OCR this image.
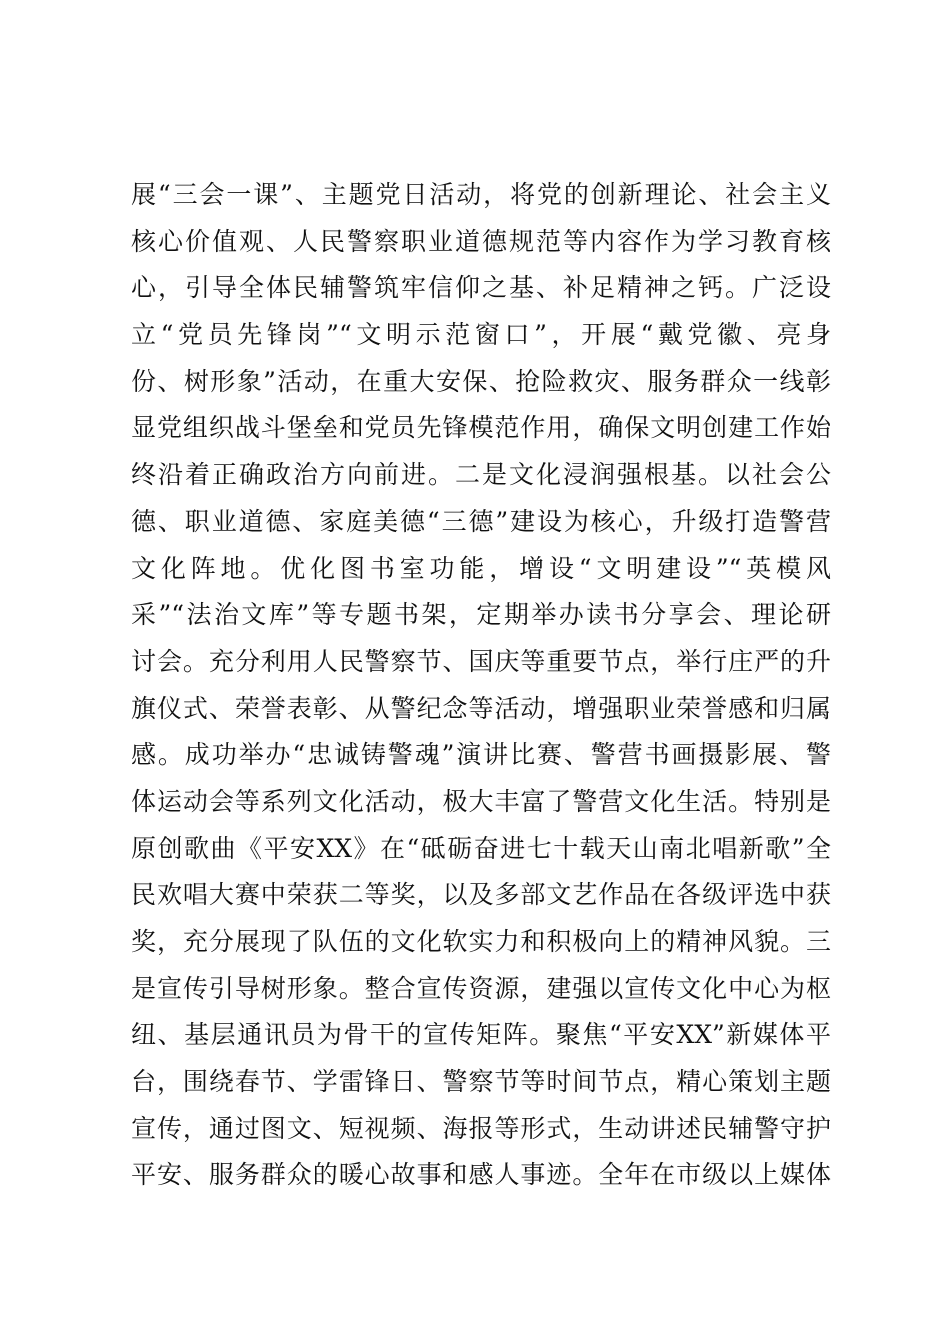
展“三会一课”、主题党日活动，将党的创新理论、社会主义
核心价值观、人民警察职业道德规范等内容作为学习教育核
心，引导全体民辅警筑牢信仰之基、补足精神之钙。广泛设
立“党员先锋岗”“文明示范窗口”，开展“戴党徽、亮身
份、树形象”活动，在重大安保、抢险救灾、服务群众一线彰
显党组织战斗堡垒和党员先锋模范作用，确保文明创建工作始
终沿着正确政治方向前进。二是文化浸润强根基。以社会公
德、职业道德、家庭美德“三德”建设为核心，升级打造警营
文化阵地。优化图书室功能，增设“文明建设”“英模风
采”“法治文库”等专题书架，定期举办读书分享会、理论研
讨会。充分利用人民警察节、国庆等重要节点，举行庄严的升
旗仪式、荣誉表彰、从警纪念等活动，增强职业荣誉感和归属
感。成功举办“忠诚铸警魂”演讲比赛、警营书画摄影展、警
体运动会等系列文化活动，极大丰富了警营文化生活。特别是
原创歌曲《平安XX》在“砥砺奋进七十载天山南北唱新歌”全
民欢唱大赛中荣获二等奖，以及多部文艺作品在各级评选中获
奖，充分展现了队伍的文化软实力和积极向上的精神风貌。三
是宣传引导树形象。整合宣传资源，建强以宣传文化中心为枢
纽、基层通讯员为骨干的宣传矩阵。聚焦“平安XX”新媒体平
台，围绕春节、学雷锋日、警察节等时间节点，精心策划主题
宣传，通过图文、短视频、海报等形式，生动讲述民辅警守护
平安、服务群众的暖心故事和感人事迹。全年在市级以上媒体
